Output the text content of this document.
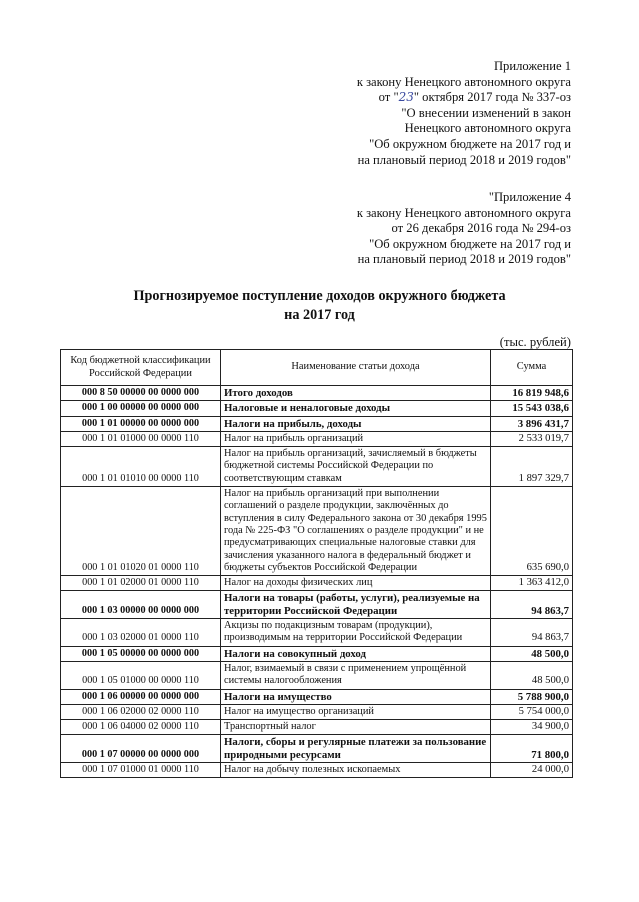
Приложение 1
к закону Ненецкого автономного округа
от "23" октября 2017 года № 337-оз
"О внесении изменений в закон
Ненецкого автономного округа
"Об окружном бюджете на 2017 год и
на плановый период 2018 и 2019 годов"
"Приложение 4
к закону Ненецкого автономного округа
от 26 декабря 2016 года № 294-оз
"Об окружном бюджете на 2017 год и
на плановый период 2018 и 2019 годов"
Прогнозируемое поступление доходов окружного бюджета
на 2017 год
(тыс. рублей)
Код бюджетной классификации Российской Федерации	Наименование статьи дохода	Сумма
000 8 50 00000 00 0000 000	Итого доходов	16 819 948,6
000 1 00 00000 00 0000 000	Налоговые и неналоговые доходы	15 543 038,6
000 1 01 00000 00 0000 000	Налоги на прибыль, доходы	3 896 431,7
000 1 01 01000 00 0000 110	Налог на прибыль организаций	2 533 019,7
000 1 01 01010 00 0000 110	Налог на прибыль организаций, зачисляемый в бюджеты бюджетной системы Российской Федерации по соответствующим ставкам	1 897 329,7
000 1 01 01020 01 0000 110	Налог на прибыль организаций при выполнении соглашений о разделе продукции, заключённых до вступления в силу Федерального закона от 30 декабря 1995 года № 225-ФЗ "О соглашениях о разделе продукции" и не предусматривающих специальные налоговые ставки для зачисления указанного налога в федеральный бюджет и бюджеты субъектов Российской Федерации	635 690,0
000 1 01 02000 01 0000 110	Налог на доходы физических лиц	1 363 412,0
000 1 03 00000 00 0000 000	Налоги на товары (работы, услуги), реализуемые на территории Российской Федерации	94 863,7
000 1 03 02000 01 0000 110	Акцизы по подакцизным товарам (продукции), производимым на территории Российской Федерации	94 863,7
000 1 05 00000 00 0000 000	Налоги на совокупный доход	48 500,0
000 1 05 01000 00 0000 110	Налог, взимаемый в связи с применением упрощённой системы налогообложения	48 500,0
000 1 06 00000 00 0000 000	Налоги на имущество	5 788 900,0
000 1 06 02000 02 0000 110	Налог на имущество организаций	5 754 000,0
000 1 06 04000 02 0000 110	Транспортный налог	34 900,0
000 1 07 00000 00 0000 000	Налоги, сборы и регулярные платежи за пользование природными ресурсами	71 800,0
000 1 07 01000 01 0000 110	Налог на добычу полезных ископаемых	24 000,0
